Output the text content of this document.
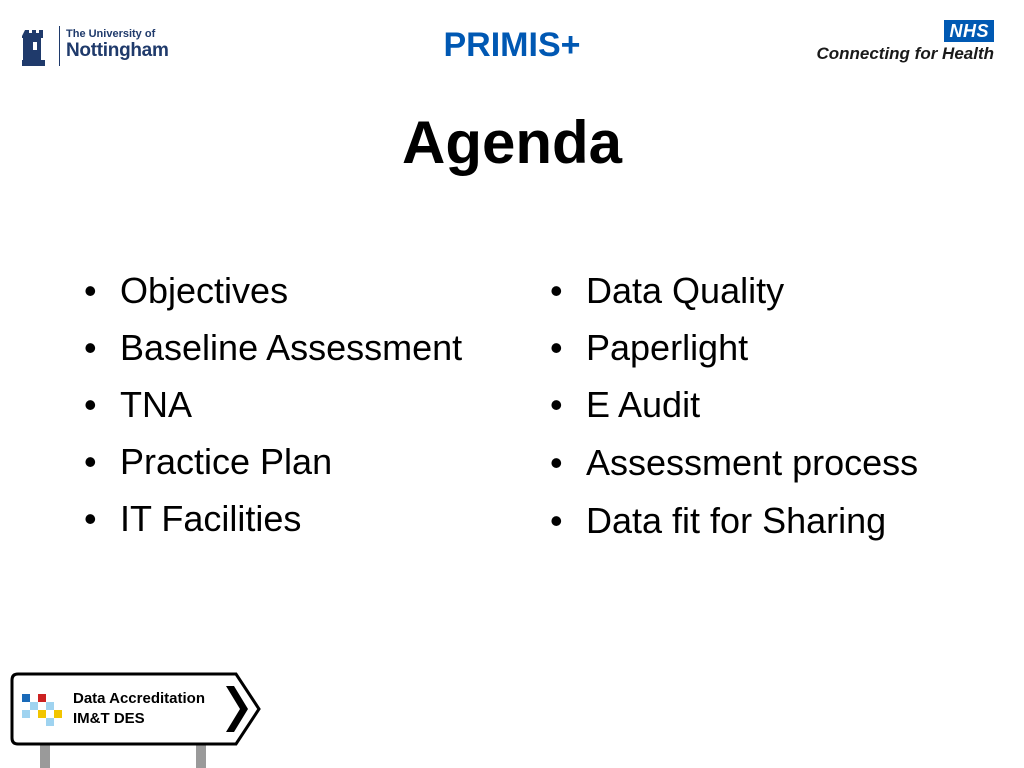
The University of
Nottingham	PRIMIS+	NHS
Connecting for Health
Agenda
• Objectives
• Baseline Assessment
• TNA
• Practice Plan
• IT Facilities
• Data Quality
• Paperlight
• E Audit
• Assessment process
• Data fit for Sharing
Data Accreditation
IM&T DES
